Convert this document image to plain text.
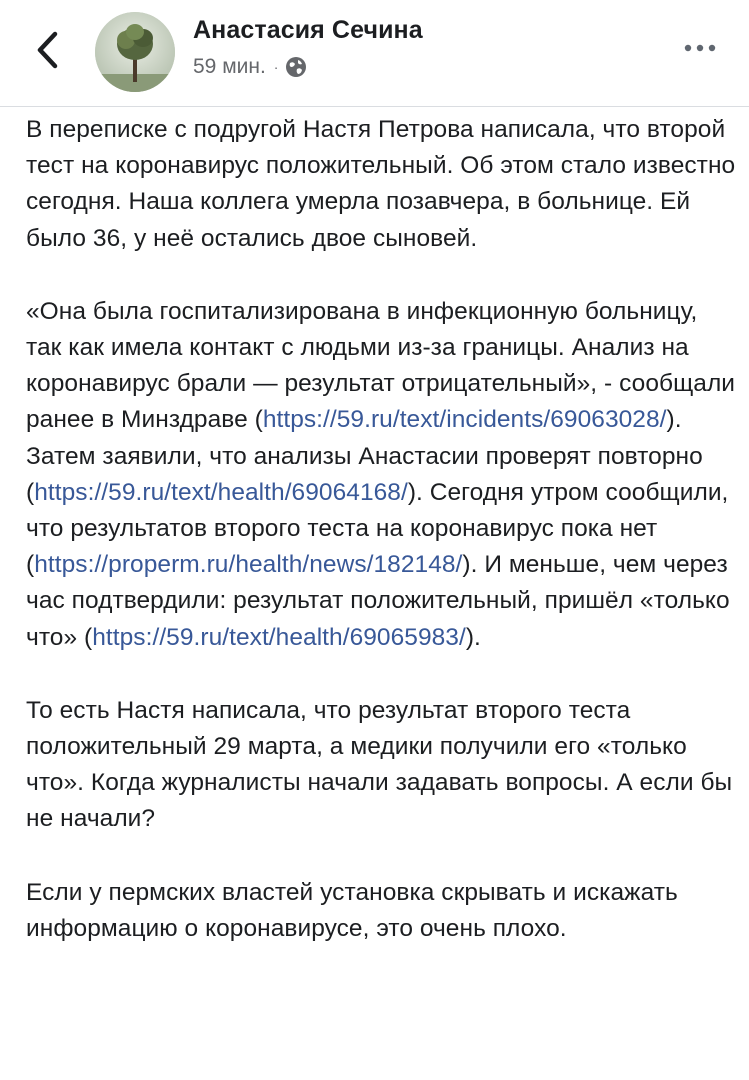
Анастасия Сечина
59 мин. ·

В переписке с подругой Настя Петрова написала, что второй тест на коронавирус положительный. Об этом стало известно сегодня. Наша коллега умерла позавчера, в больнице. Ей было 36, у неё остались двое сыновей.

«Она была госпитализирована в инфекционную больницу, так как имела контакт с людьми из-за границы. Анализ на коронавирус брали — результат отрицательный», - сообщали ранее в Минздраве (https://59.ru/text/incidents/69063028/). Затем заявили, что анализы Анастасии проверят повторно (https://59.ru/text/health/69064168/). Сегодня утром сообщили, что результатов второго теста на коронавирус пока нет (https://properm.ru/health/news/182148/). И меньше, чем через час подтвердили: результат положительный, пришёл «только что» (https://59.ru/text/health/69065983/).

То есть Настя написала, что результат второго теста положительный 29 марта, а медики получили его «только что». Когда журналисты начали задавать вопросы. А если бы не начали?

Если у пермских властей установка скрывать и искажать информацию о коронавирусе, это очень плохо.
